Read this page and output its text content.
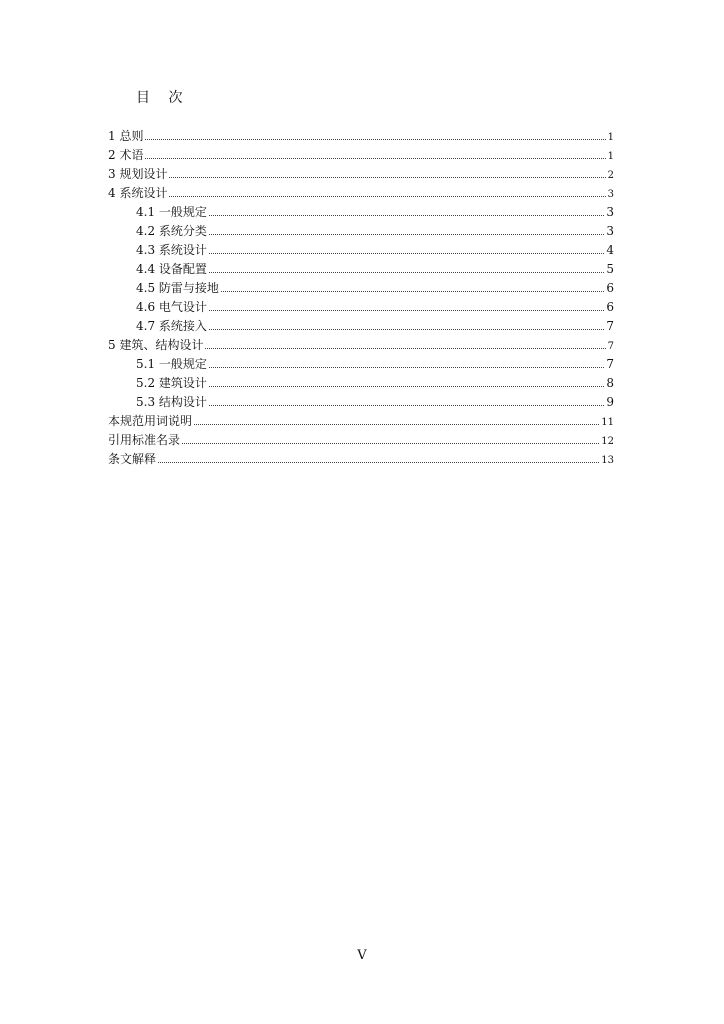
目 次
1 总则	1
2 术语	1
3 规划设计	2
4 系统设计	3
4.1 一般规定	3
4.2 系统分类	3
4.3 系统设计	4
4.4 设备配置	5
4.5 防雷与接地	6
4.6 电气设计	6
4.7 系统接入	7
5 建筑、结构设计	7
5.1 一般规定	7
5.2 建筑设计	8
5.3 结构设计	9
本规范用词说明	11
引用标准名录	12
条文解释	13
V
